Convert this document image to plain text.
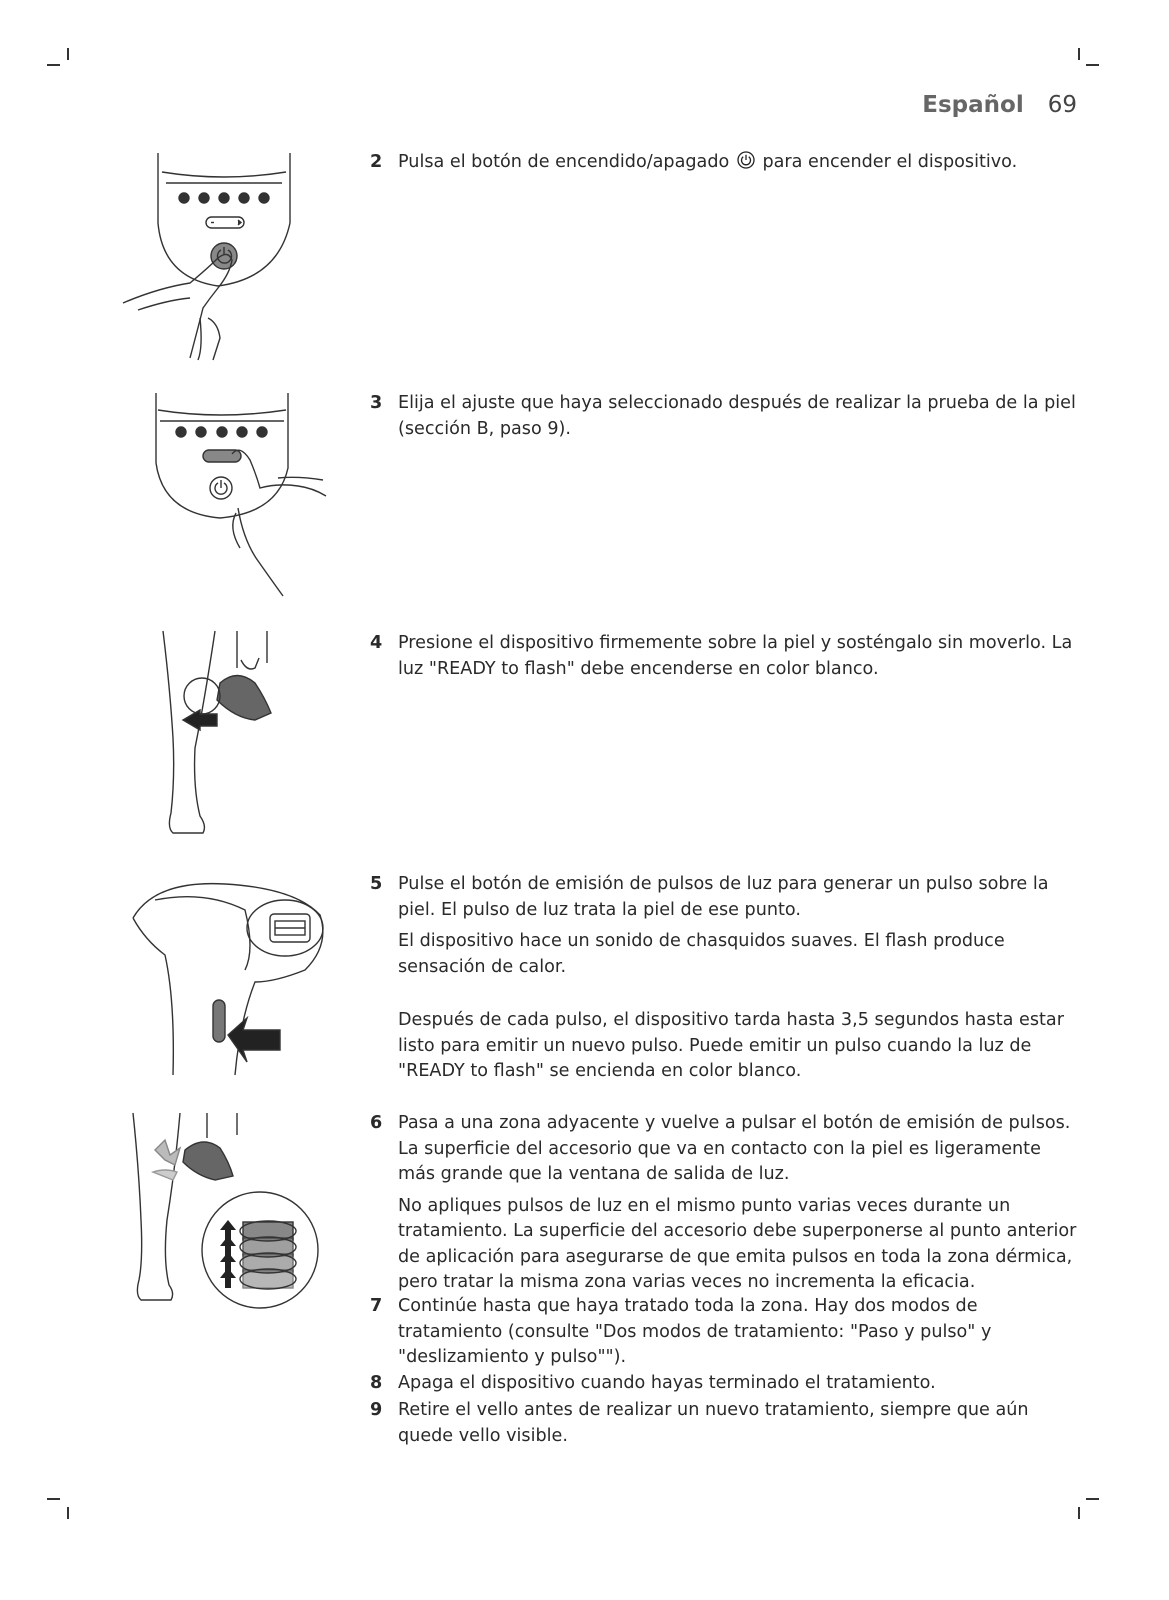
Español 69
1 2 3 4 5
1 2 3 4 5
2 Pulsa el botón de encendido/apagado para encender el dispositivo.

3 Elija el ajuste que haya seleccionado después de realizar la prueba de la piel (sección B, paso 9).

4 Presione el dispositivo firmemente sobre la piel y sosténgalo sin moverlo. La luz "READY to flash" debe encenderse en color blanco.

5 Pulse el botón de emisión de pulsos de luz para generar un pulso sobre la piel. El pulso de luz trata la piel de ese punto.

El dispositivo hace un sonido de chasquidos suaves. El flash produce sensación de calor.

Después de cada pulso, el dispositivo tarda hasta 3,5 segundos hasta estar listo para emitir un nuevo pulso. Puede emitir un pulso cuando la luz de "READY to flash" se encienda en color blanco.

6 Pasa a una zona adyacente y vuelve a pulsar el botón de emisión de pulsos. La superficie del accesorio que va en contacto con la piel es ligeramente más grande que la ventana de salida de luz.

No apliques pulsos de luz en el mismo punto varias veces durante un tratamiento. La superficie del accesorio debe superponerse al punto anterior de aplicación para asegurarse de que emita pulsos en toda la zona dérmica, pero tratar la misma zona varias veces no incrementa la eficacia.

7 Continúe hasta que haya tratado toda la zona. Hay dos modos de tratamiento (consulte "Dos modos de tratamiento: "Paso y pulso" y "deslizamiento y pulso"").

8 Apaga el dispositivo cuando hayas terminado el tratamiento.

9 Retire el vello antes de realizar un nuevo tratamiento, siempre que aún quede vello visible.
